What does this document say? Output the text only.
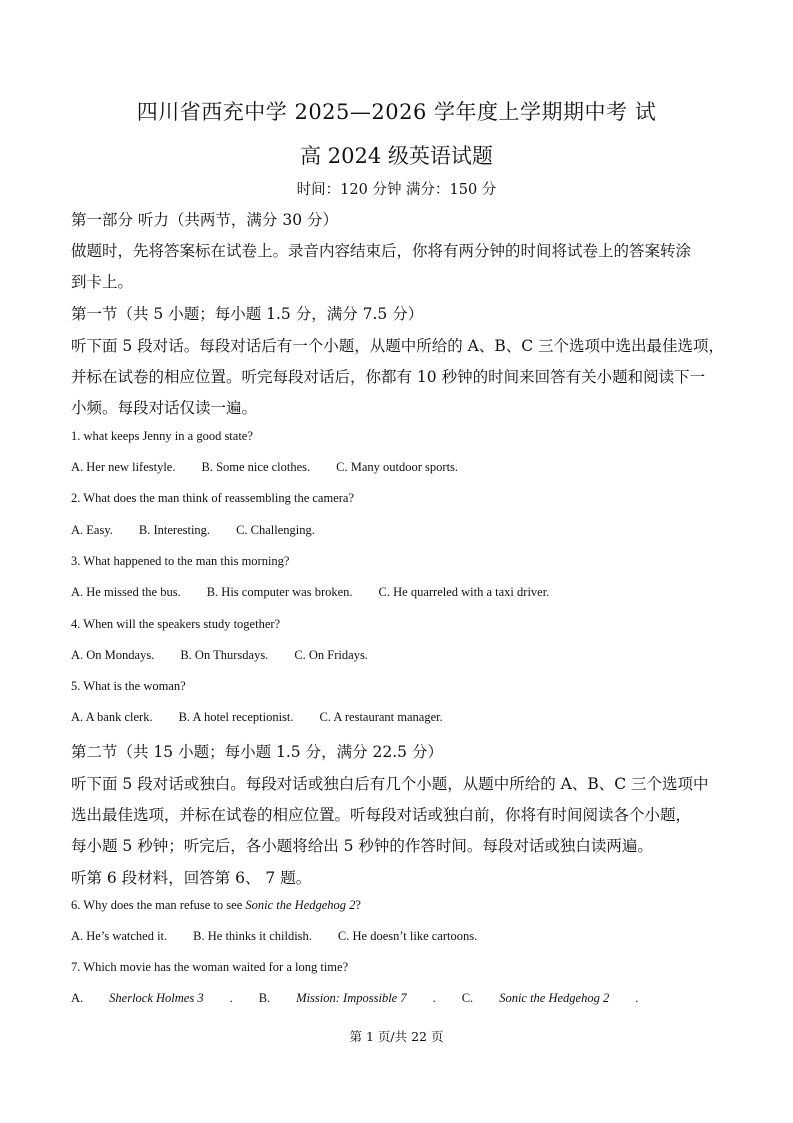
四川省西充中学 2025—2026 学年度上学期期中考 试
高 2024 级英语试题
时间：120 分钟 满分：150 分
第一部分 听力（共两节，满分 30 分）
做题时，先将答案标在试卷上。录音内容结束后，你将有两分钟的时间将试卷上的答案转涂
到卡上。
第一节（共 5 小题；每小题 1.5 分，满分 7.5 分）
听下面 5 段对话。每段对话后有一个小题，从题中所给的 A、B、C 三个选项中选出最佳选项，
并标在试卷的相应位置。听完每段对话后，你都有 10 秒钟的时间来回答有关小题和阅读下一
小频。每段对话仅读一遍。
1. what keeps Jenny in a good state?
A. Her new lifestyle. B. Some nice clothes. C. Many outdoor sports.
2. What does the man think of reassembling the camera?
A. Easy. B. Interesting. C. Challenging.
3. What happened to the man this morning?
A. He missed the bus. B. His computer was broken. C. He quarreled with a taxi driver.
4. When will the speakers study together?
A. On Mondays. B. On Thursdays. C. On Fridays.
5. What is the woman?
A. A bank clerk. B. A hotel receptionist. C. A restaurant manager.
第二节（共 15 小题；每小题 1.5 分，满分 22.5 分）
听下面 5 段对话或独白。每段对话或独白后有几个小题，从题中所给的 A、B、C 三个选项中
选出最佳选项，并标在试卷的相应位置。听每段对话或独白前，你将有时间阅读各个小题，
每小题 5 秒钟；听完后，各小题将给出 5 秒钟的作答时间。每段对话或独白读两遍。
听第 6 段材料，回答第 6、 7 题。
6. Why does the man refuse to see Sonic the Hedgehog 2?
A. He’s watched it. B. He thinks it childish. C. He doesn’t like cartoons.
7. Which movie has the woman waited for a long time?
A.Sherlock Holmes 3 . B.Mission: Impossible 7 . C.Sonic the Hedgehog 2 .
第 1 页/共 22 页
